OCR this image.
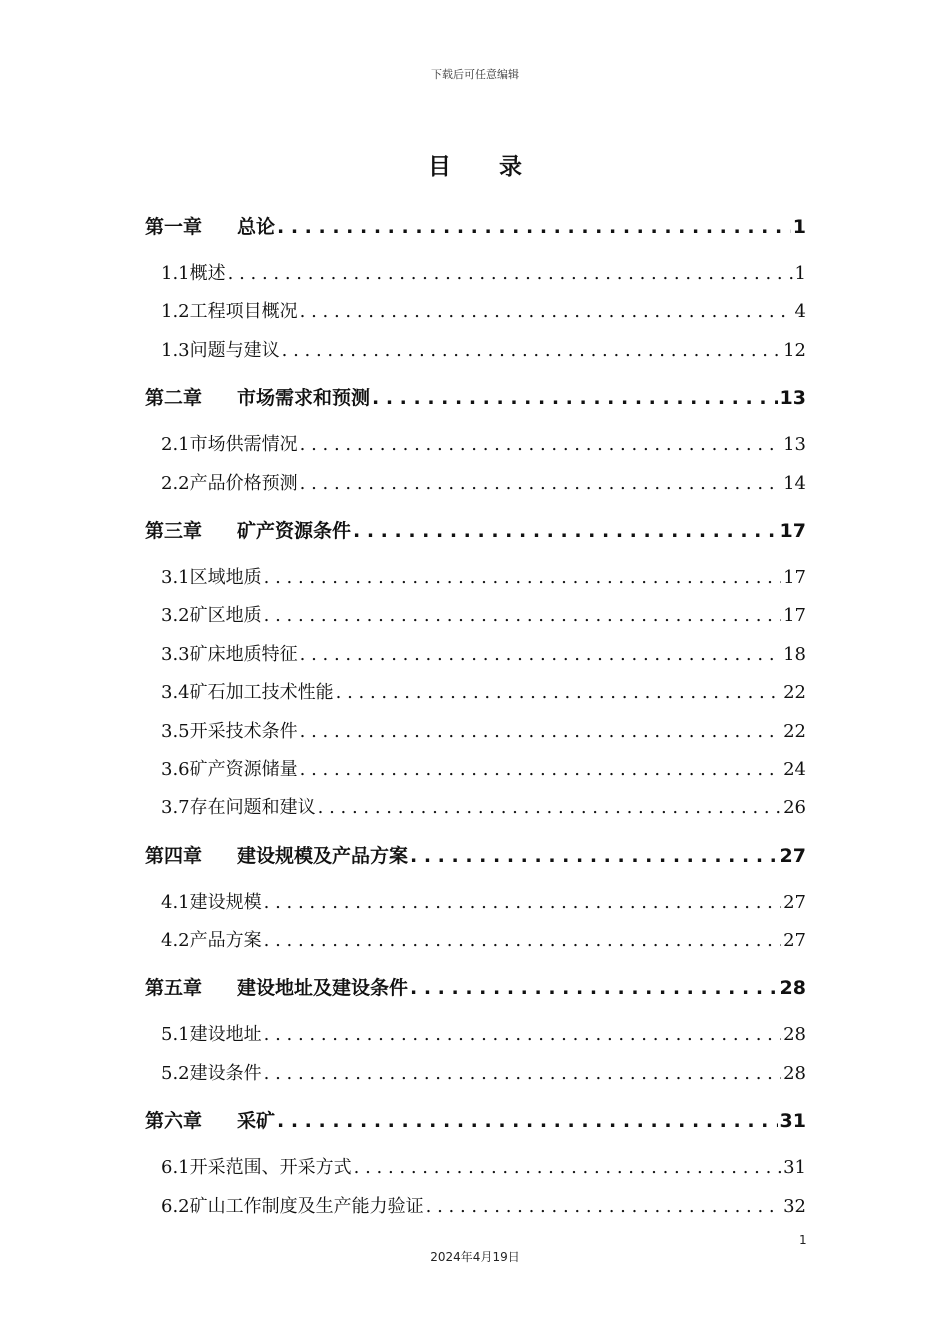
下载后可任意编辑
目录
第一章 总论 . . .	1
1.1概述 . . .	1
1.2工程项目概况 . . .	4
1.3问题与建议 . . .	12
第二章 市场需求和预测 . . .	13
2.1市场供需情况 . . .	13
2.2产品价格预测 . . .	14
第三章 矿产资源条件 . . .	17
3.1区域地质 . . .	17
3.2矿区地质 . . .	17
3.3矿床地质特征 . . .	18
3.4矿石加工技术性能 . . .	22
3.5开采技术条件 . . .	22
3.6矿产资源储量 . . .	24
3.7存在问题和建议 . . .	26
第四章 建设规模及产品方案 . . .	27
4.1建设规模 . . .	27
4.2产品方案 . . .	27
第五章 建设地址及建设条件 . . .	28
5.1建设地址 . . .	28
5.2建设条件 . . .	28
第六章 采矿 . . .	31
6.1开采范围、开采方式 . . .	31
6.2矿山工作制度及生产能力验证 . . .	32
1
2024年4月19日
